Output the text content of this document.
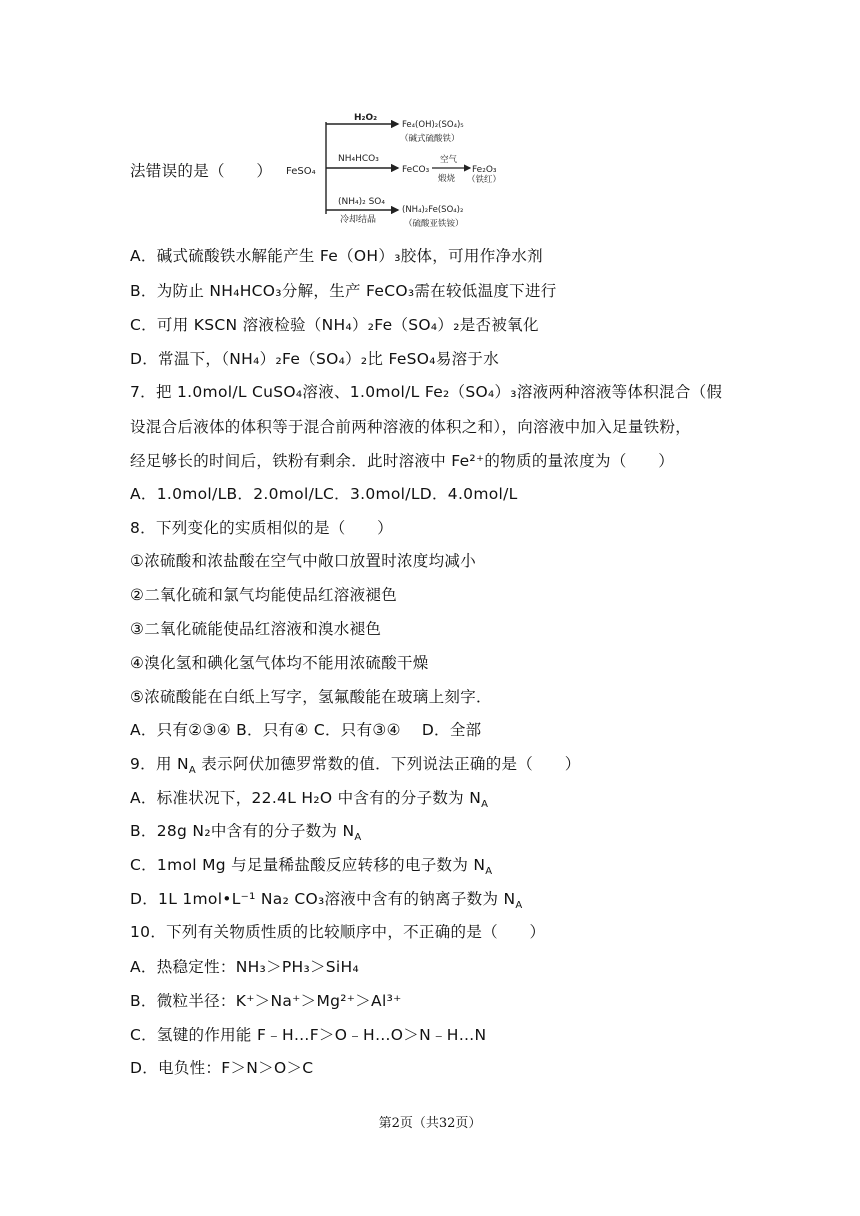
法错误的是（　　） FeSO₄
H₂O₂
Fe₄(OH)₂(SO₄)₅
（碱式硫酸铁）
NH₄HCO₃
FeCO₃
空气
煅烧
Fe₂O₃
（铁红）
(NH₄)₂ SO₄
冷却结晶
(NH₄)₂Fe(SO₄)₂
（硫酸亚铁铵）
A．碱式硫酸铁水解能产生 Fe（OH）₃胶体，可用作净水剂
B．为防止 NH₄HCO₃分解，生产 FeCO₃需在较低温度下进行
C．可用 KSCN 溶液检验（NH₄）₂Fe（SO₄）₂是否被氧化
D．常温下，（NH₄）₂Fe（SO₄）₂比 FeSO₄易溶于水
7．把 1.0mol/L CuSO₄溶液、1.0mol/L Fe₂（SO₄）₃溶液两种溶液等体积混合（假
设混合后液体的体积等于混合前两种溶液的体积之和），向溶液中加入足量铁粉，
经足够长的时间后，铁粉有剩余．此时溶液中 Fe²⁺的物质的量浓度为（　　）
A．1.0mol/LB．2.0mol/LC．3.0mol/LD．4.0mol/L
8．下列变化的实质相似的是（　　）
①浓硫酸和浓盐酸在空气中敞口放置时浓度均减小
②二氧化硫和氯气均能使品红溶液褪色
③二氧化硫能使品红溶液和溴水褪色
④溴化氢和碘化氢气体均不能用浓硫酸干燥
⑤浓硫酸能在白纸上写字，氢氟酸能在玻璃上刻字．
A．只有②③④ B．只有④ C．只有③④ 　D．全部
9．用 $N_A$ 表示阿伏加德罗常数的值．下列说法正确的是（　　）
A．标准状况下，22.4L H₂O 中含有的分子数为 $N_A$
B．28g N₂中含有的分子数为 $N_A$
C．1mol Mg 与足量稀盐酸反应转移的电子数为 $N_A$
D．1L 1mol•L⁻¹ Na₂ CO₃溶液中含有的钠离子数为 $N_A$
10．下列有关物质性质的比较顺序中，不正确的是（　　）
A．热稳定性：NH₃＞PH₃＞SiH₄
B．微粒半径：K⁺＞Na⁺＞Mg²⁺＞Al³⁺
C．氢键的作用能 F﹣H…F＞O﹣H…O＞N﹣H…N
D．电负性：F＞N＞O＞C
第2页（共32页）
